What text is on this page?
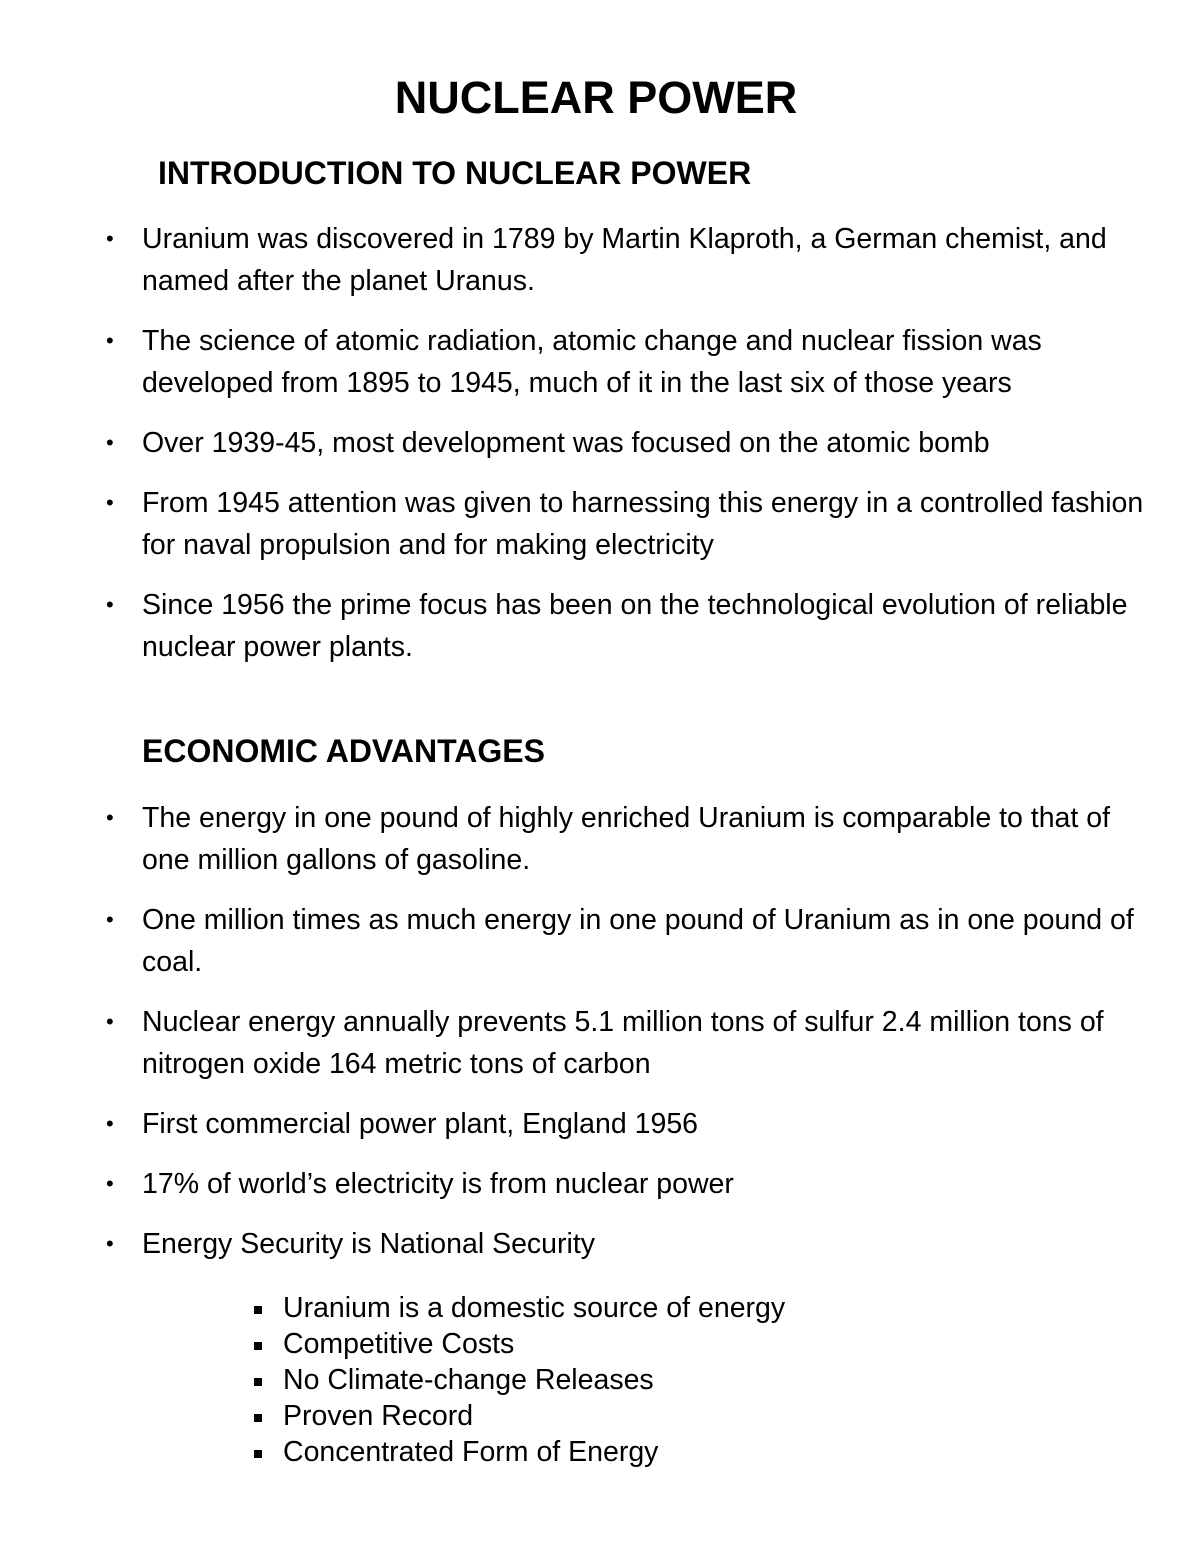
NUCLEAR POWER
INTRODUCTION TO NUCLEAR POWER
• Uranium was discovered in 1789 by Martin Klaproth, a German chemist, and named after the planet Uranus.
• The science of atomic radiation, atomic change and nuclear fission was developed from 1895 to 1945, much of it in the last six of those years
• Over 1939-45, most development was focused on the atomic bomb
• From 1945 attention was given to harnessing this energy in a controlled fashion for naval propulsion and for making electricity
• Since 1956 the prime focus has been on the technological evolution of reliable nuclear power plants.
ECONOMIC ADVANTAGES
• The energy in one pound of highly enriched Uranium is comparable to that of one million gallons of gasoline.
• One million times as much energy in one pound of Uranium as in one pound of coal.
• Nuclear energy annually prevents 5.1 million tons of sulfur 2.4 million tons of nitrogen oxide 164 metric tons of carbon
• First commercial power plant, England 1956
• 17% of world’s electricity is from nuclear power
• Energy Security is National Security
Uranium is a domestic source of energy
Competitive Costs
No Climate-change Releases
Proven Record
Concentrated Form of Energy
